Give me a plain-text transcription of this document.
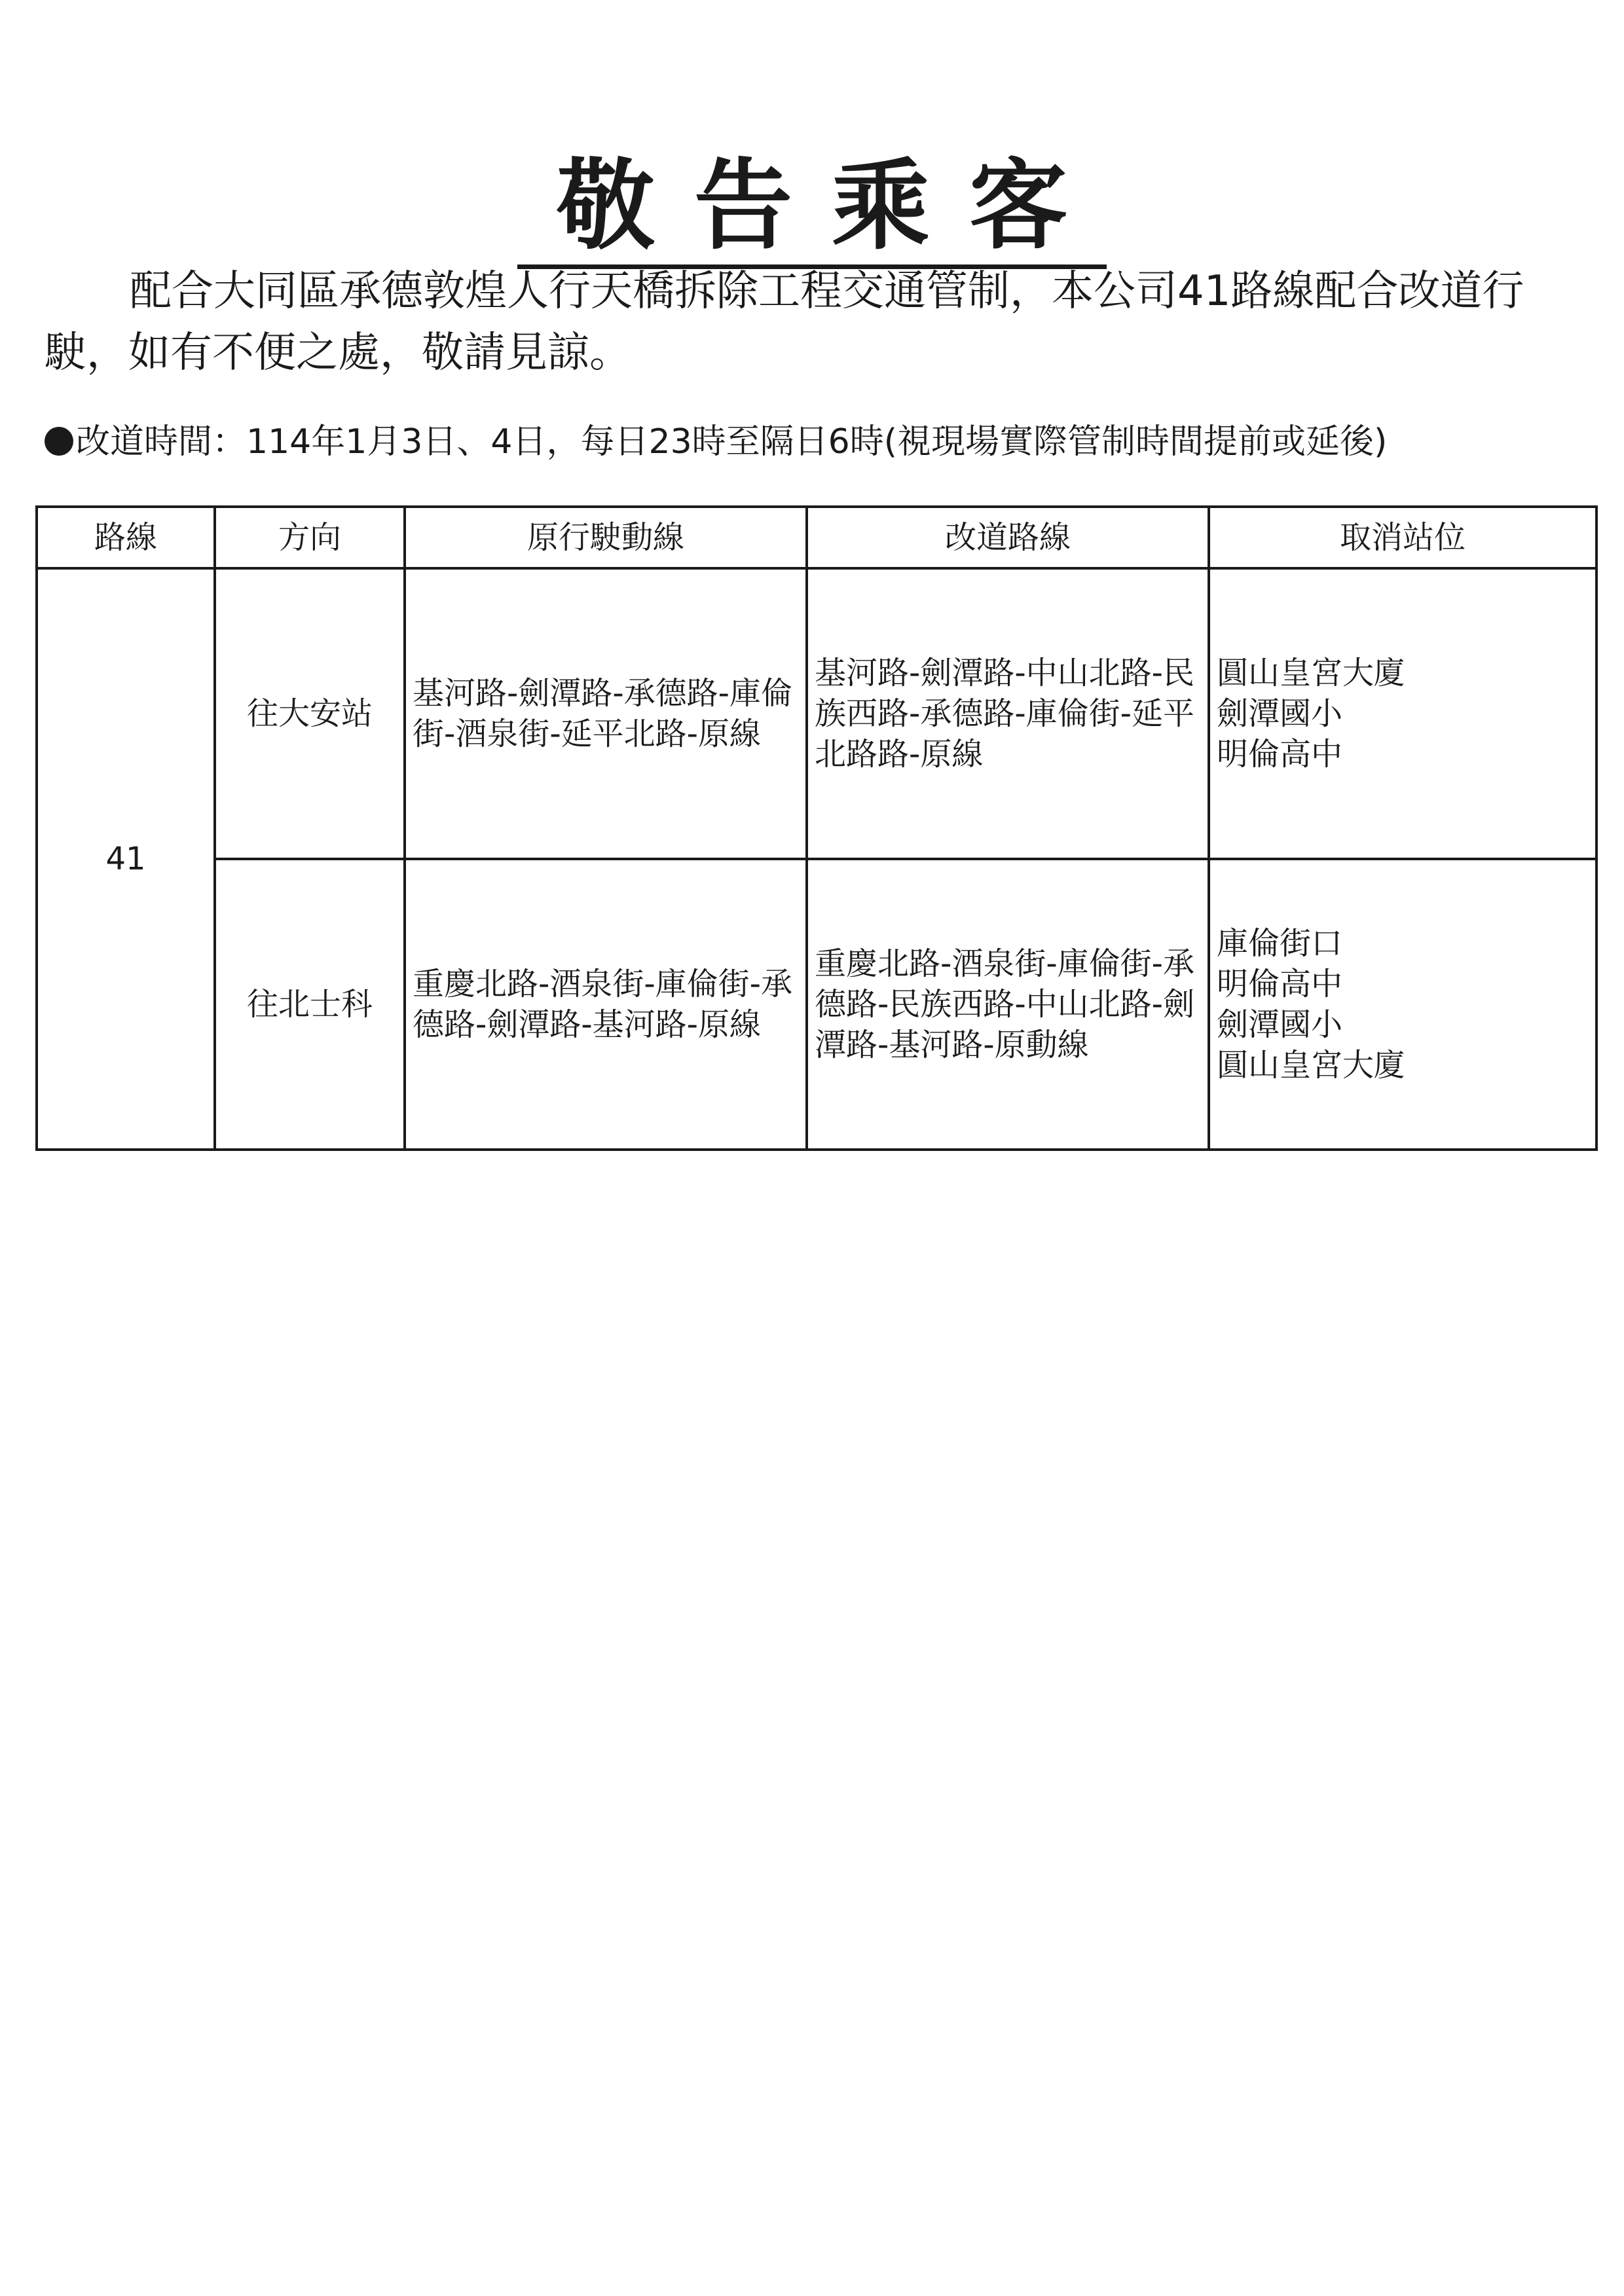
敬告乘客
配合大同區承德敦煌人行天橋拆除工程交通管制，本公司41路線配合改道行駛，如有不便之處，敬請見諒。
改道時間：114年1月3日、4日，每日23時至隔日6時(視現場實際管制時間提前或延後)
路線	方向	原行駛動線	改道路線	取消站位
41	往大安站	基河路-劍潭路-承德路-庫倫街-酒泉街-延平北路-原線	基河路-劍潭路-中山北路-民族西路-承德路-庫倫街-延平北路路-原線	圓山皇宮大廈
劍潭國小
明倫高中

	往北士科	重慶北路-酒泉街-庫倫街-承德路-劍潭路-基河路-原線	重慶北路-酒泉街-庫倫街-承德路-民族西路-中山北路-劍潭路-基河路-原動線	庫倫街口
明倫高中
劍潭國小
圓山皇宮大廈
